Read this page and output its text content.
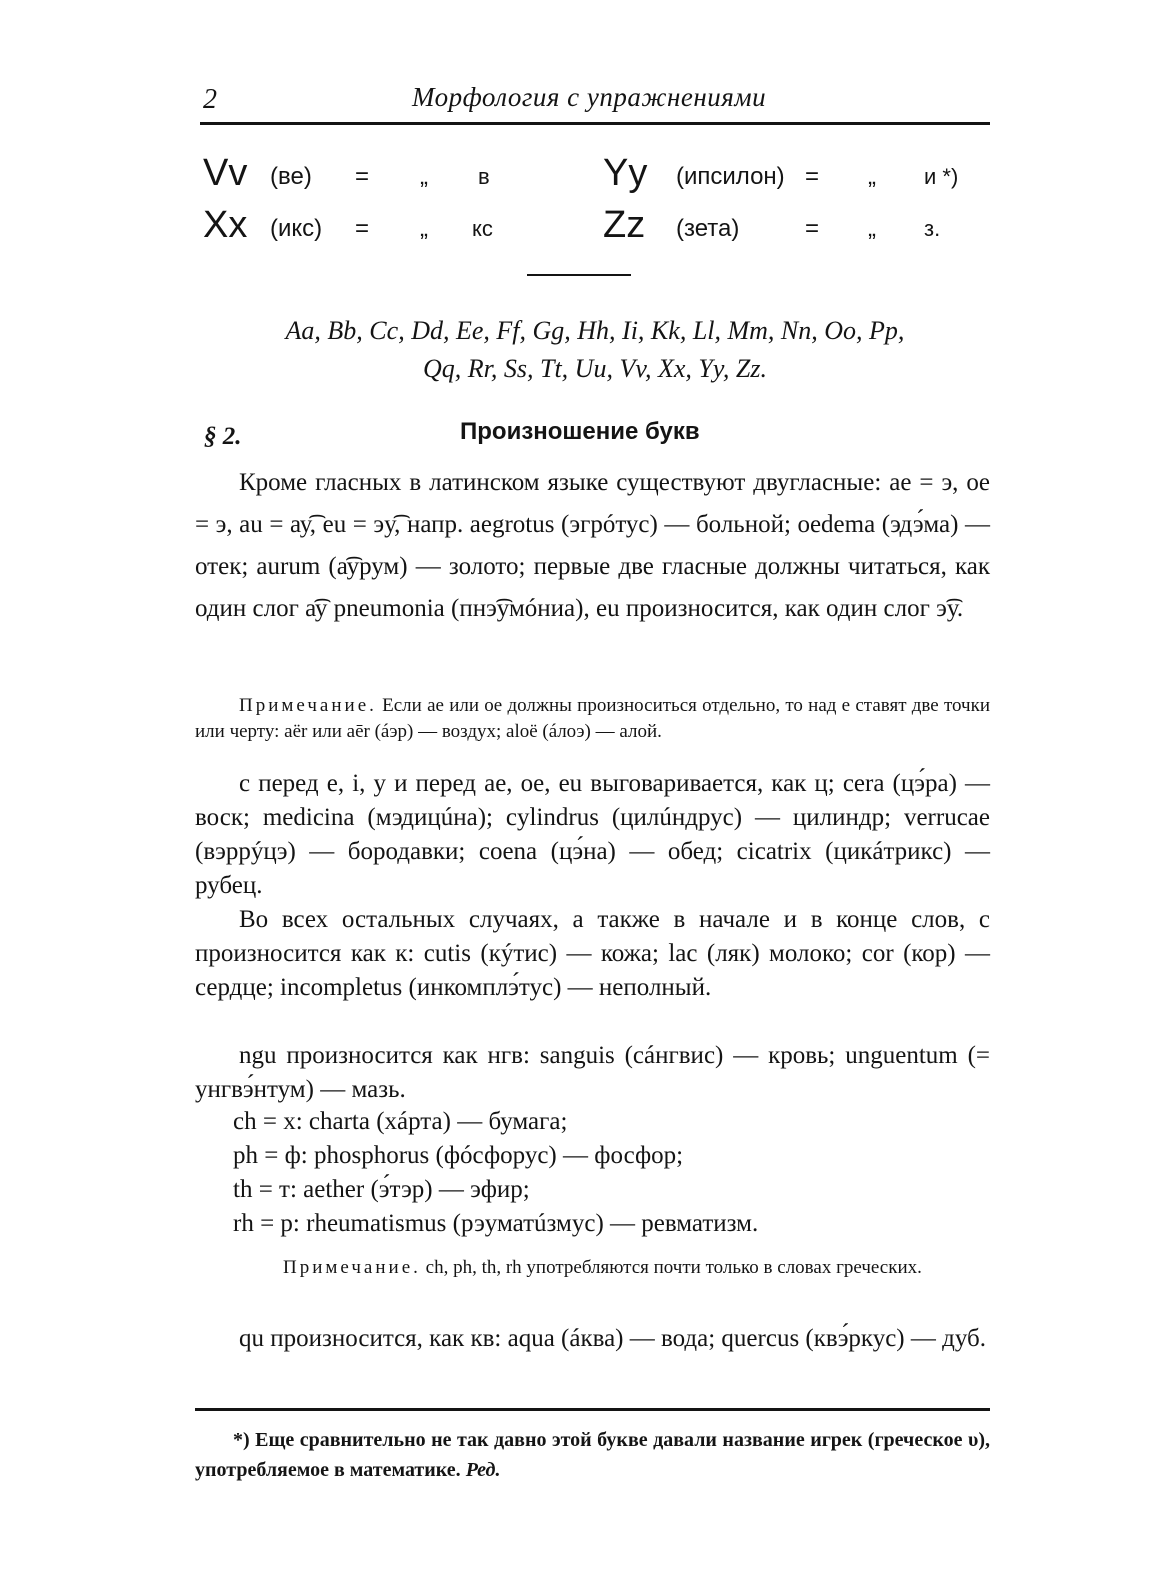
2	Морфология с упражнениями
Vv (ве) = „ в	Yy (ипсилон) = „ и *)
Xx (икс) = „ кс	Zz (зета)	= „ з.
Aa, Bb, Cc, Dd, Ee, Ff, Gg, Hh, Ii, Kk, Ll, Mm, Nn, Oo, Pp,
Qq, Rr, Ss, Tt, Uu, Vv, Xx, Yy, Zz.
§ 2.	Произношение букв

Кроме гласных в латинском языке существуют двугласные: ae = э, oe = э, au = ау͡, eu = эу͡, напр. aegrotus (эгрóтус) — больной; oedema (эдэ́ма) — отек; aurum (а͡урум) — золото; первые две гласные должны читаться, как один слог а͡у pneumonia (пнэ͡умóниа), eu произносится, как один слог э͡у.

Примечание. Если ae или oe должны произноситься отдельно, то над e ставят две точки или черту: aër или aēr (áэр) — воздух; aloë (áлоэ) — алой.

c перед e, i, y и перед ae, oe, eu выговаривается, как ц; cera (цэ́ра) — воск; medicina (мэдицúна); cylindrus (цилúндрус) — цилиндр; verrucae (вэррýцэ) — бородавки; coena (цэ́на) — обед; cicatrix (цикáтрикс) — рубец.

Во всех остальных случаях, а также в начале и в конце слов, c произносится как к: cutis (кýтис) — кожа; lac (ляк) молоко; cor (кор) — сердце; incompletus (инкомплэ́тус) — неполный.

ngu произносится как нгв: sanguis (сáнгвис) — кровь; unguentum (= унгвэ́нтум) — мазь.

ch = x: charta (хáрта) — бумага;
ph = ф: phosphorus (фóсфорус) — фосфор;
th = т: aether (э́тэр) — эфир;
rh = р: rheumatismus (рэуматúзмус) — ревматизм.

Примечание. ch, ph, th, rh употребляются почти только в словах греческих.

qu произносится, как кв: aqua (áква) — вода; quercus (квэ́ркус) — дуб.

*) Еще сравнительно не так давно этой букве давали название игрек (греческое υ), употребляемое в математике. Ред.
